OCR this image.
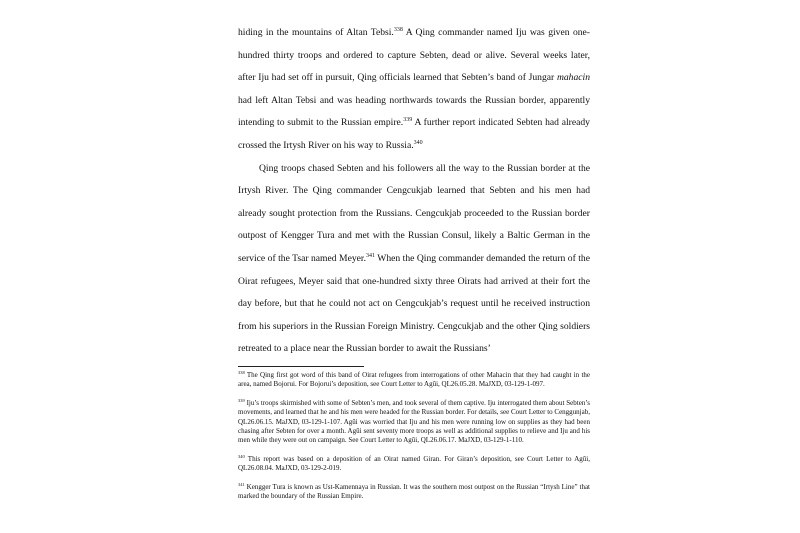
hiding in the mountains of Altan Tebsi.$^{338}$ A Qing commander named Iju was given one-hundred thirty troops and ordered to capture Sebten, dead or alive. Several weeks later, after Iju had set off in pursuit, Qing officials learned that Sebten’s band of Jungar mahacin had left Altan Tebsi and was heading northwards towards the Russian border, apparently intending to submit to the Russian empire.$^{339}$ A further report indicated Sebten had already crossed the Irtysh River on his way to Russia.$^{340}$

Qing troops chased Sebten and his followers all the way to the Russian border at the Irtysh River. The Qing commander Cengcukjab learned that Sebten and his men had already sought protection from the Russians. Cengcukjab proceeded to the Russian border outpost of Kengger Tura and met with the Russian Consul, likely a Baltic German in the service of the Tsar named Meyer.$^{341}$ When the Qing commander demanded the return of the Oirat refugees, Meyer said that one-hundred sixty three Oirats had arrived at their fort the day before, but that he could not act on Cengcukjab’s request until he received instruction from his superiors in the Russian Foreign Ministry. Cengcukjab and the other Qing soldiers retreated to a place near the Russian border to await the Russians’

$^{338}$ The Qing first got word of this band of Oirat refugees from interrogations of other Mahacin that they had caught in the area, named Bojorui. For Bojorui’s deposition, see Court Letter to Agūi, QL26.05.28. MaJXD, 03-129-1-097.

$^{339}$ Iju’s troops skirmished with some of Sebten’s men, and took several of them captive. Iju interrogated them about Sebten’s movements, and learned that he and his men were headed for the Russian border. For details, see Court Letter to Cenggunjab, QL26.06.15. MaJXD, 03-129-1-107. Agūi was worried that Iju and his men were running low on supplies as they had been chasing after Sebten for over a month. Agūi sent seventy more troops as well as additional supplies to relieve and Iju and his men while they were out on campaign. See Court Letter to Agūi, QL26.06.17. MaJXD, 03-129-1-110.

$^{340}$ This report was based on a deposition of an Oirat named Giran. For Giran’s deposition, see Court Letter to Agūi, QL26.08.04. MaJXD, 03-129-2-019.

$^{341}$ Kengger Tura is known as Ust-Kamennaya in Russian. It was the southern most outpost on the Russian “Irtysh Line” that marked the boundary of the Russian Empire.
